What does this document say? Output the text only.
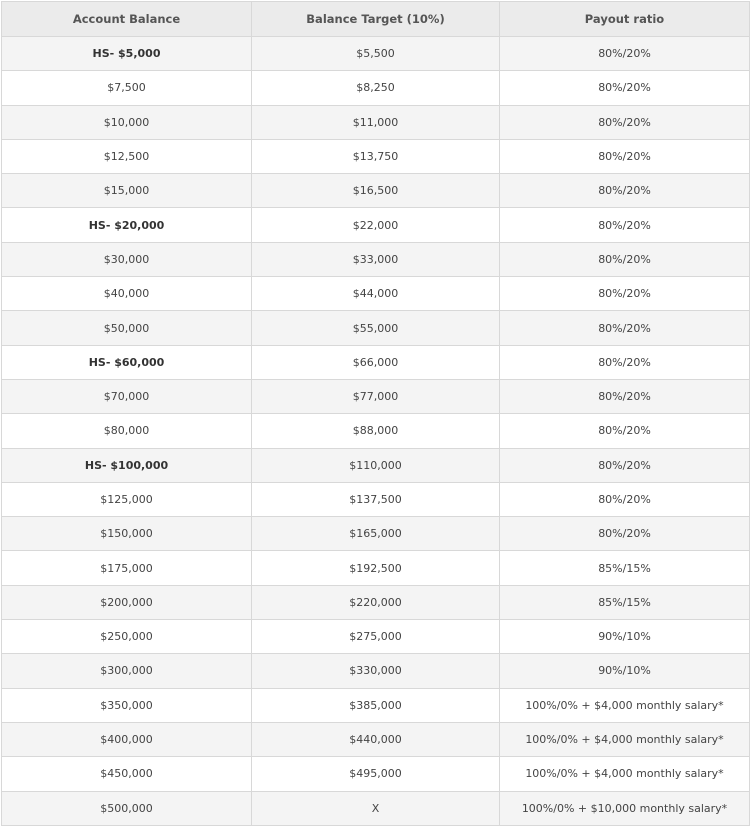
Account Balance	Balance Target (10%)	Payout ratio
HS- $5,000	$5,500	80%/20%
$7,500	$8,250	80%/20%
$10,000	$11,000	80%/20%
$12,500	$13,750	80%/20%
$15,000	$16,500	80%/20%
HS- $20,000	$22,000	80%/20%
$30,000	$33,000	80%/20%
$40,000	$44,000	80%/20%
$50,000	$55,000	80%/20%
HS- $60,000	$66,000	80%/20%
$70,000	$77,000	80%/20%
$80,000	$88,000	80%/20%
HS- $100,000	$110,000	80%/20%
$125,000	$137,500	80%/20%
$150,000	$165,000	80%/20%
$175,000	$192,500	85%/15%
$200,000	$220,000	85%/15%
$250,000	$275,000	90%/10%
$300,000	$330,000	90%/10%
$350,000	$385,000	100%/0% + $4,000 monthly salary*
$400,000	$440,000	100%/0% + $4,000 monthly salary*
$450,000	$495,000	100%/0% + $4,000 monthly salary*
$500,000	X	100%/0% + $10,000 monthly salary*
